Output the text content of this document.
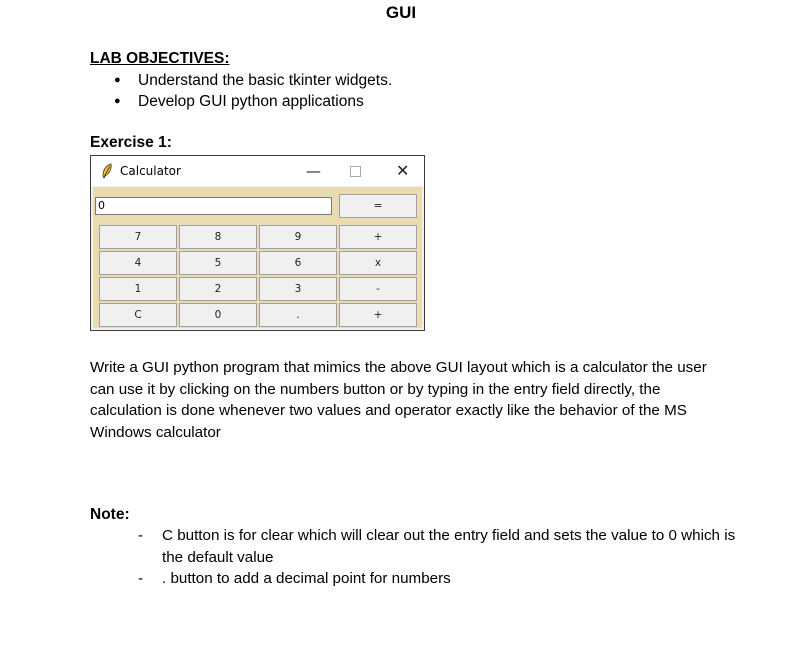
GUI
LAB OBJECTIVES:
● Understand the basic tkinter widgets.
● Develop GUI python applications
Exercise 1:
Calculator	—	✕
0	=
7	8	9	+
4	5	6	x
1	2	3	-
C	0	.	+
Write a GUI python program that mimics the above GUI layout which is a calculator the user can use it by clicking on the numbers button or by typing in the entry field directly, the calculation is done whenever two values and operator exactly like the behavior of the MS Windows calculator
Note:
- C button is for clear which will clear out the entry field and sets the value to 0 which is the default value
- . button to add a decimal point for numbers
